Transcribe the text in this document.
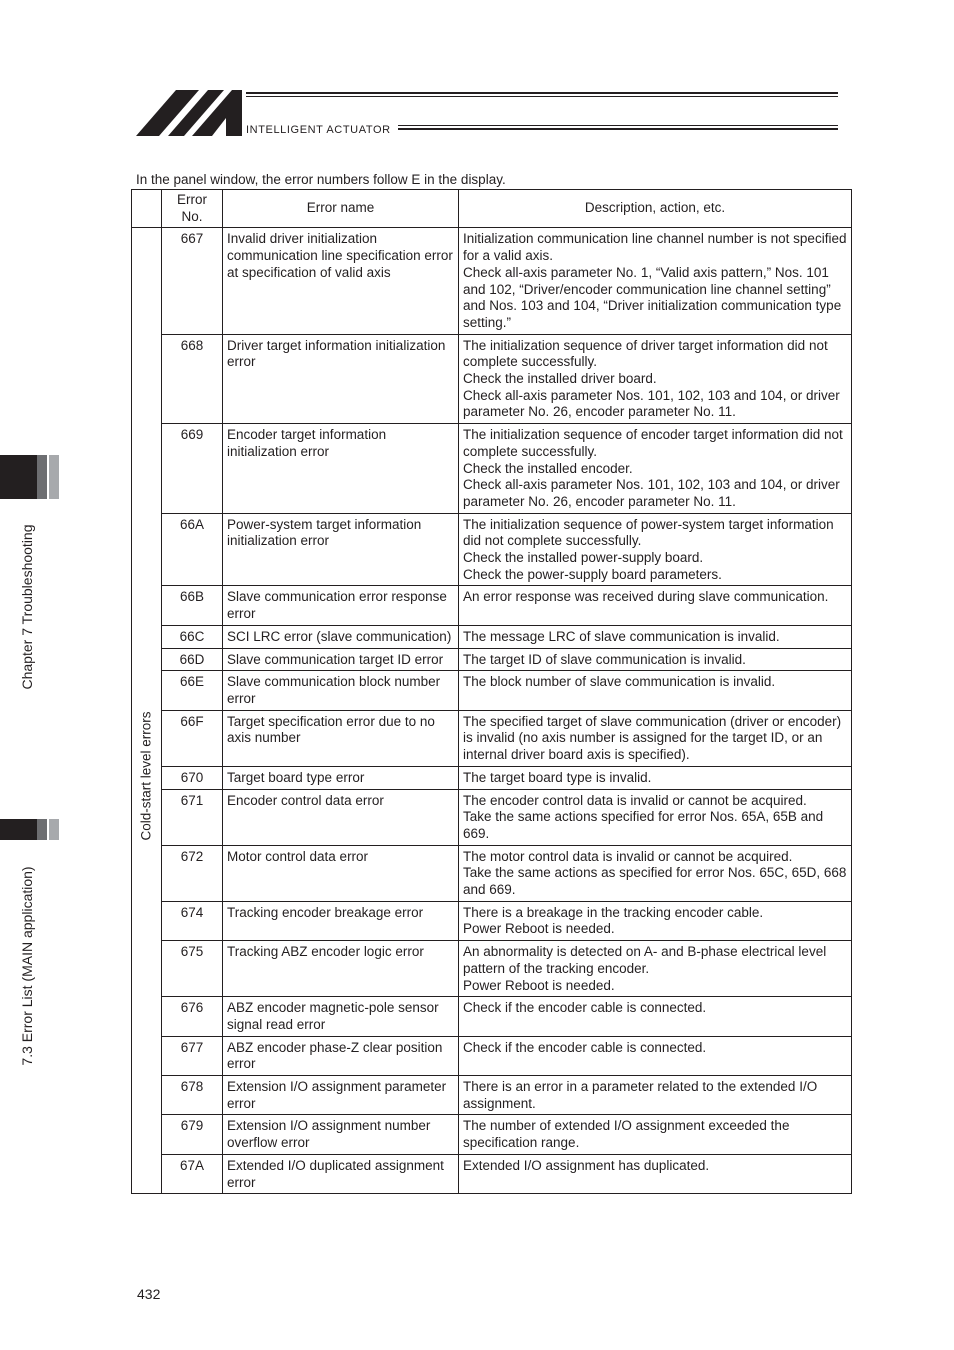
INTELLIGENT ACTUATOR
In the panel window, the error numbers follow E in the display.
	Error
No.	Error name	Description, action, etc.

Cold-start level errors	667	Invalid driver initialization communication line specification error at specification of valid axis	Initialization communication line channel number is not specified for a valid axis.
Check all-axis parameter No. 1, “Valid axis pattern,” Nos. 101 and 102, “Driver/encoder communication line channel setting” and Nos. 103 and 104, “Driver initialization communication type setting.”
	668	Driver target information initialization error	The initialization sequence of driver target information did not complete successfully.
Check the installed driver board.
Check all-axis parameter Nos. 101, 102, 103 and 104, or driver parameter No. 26, encoder parameter No. 11.
	669	Encoder target information initialization error	The initialization sequence of encoder target information did not complete successfully.
Check the installed encoder.
Check all-axis parameter Nos. 101, 102, 103 and 104, or driver parameter No. 26, encoder parameter No. 11.
	66A	Power-system target information initialization error	The initialization sequence of power-system target information did not complete successfully.
Check the installed power-supply board.
Check the power-supply board parameters.
	66B	Slave communication error response error	An error response was received during slave communication.
	66C	SCI LRC error (slave communication)	The message LRC of slave communication is invalid.
	66D	Slave communication target ID error	The target ID of slave communication is invalid.
	66E	Slave communication block number error	The block number of slave communication is invalid.
	66F	Target specification error due to no axis number	The specified target of slave communication (driver or encoder) is invalid (no axis number is assigned for the target ID, or an internal driver board axis is specified).
	670	Target board type error	The target board type is invalid.
	671	Encoder control data error	The encoder control data is invalid or cannot be acquired.
Take the same actions specified for error Nos. 65A, 65B and 669.
	672	Motor control data error	The motor control data is invalid or cannot be acquired.
Take the same actions as specified for error Nos. 65C, 65D, 668 and 669.
	674	Tracking encoder breakage error	There is a breakage in the tracking encoder cable.
Power Reboot is needed.
	675	Tracking ABZ encoder logic error	An abnormality is detected on A- and B-phase electrical level pattern of the tracking encoder.
Power Reboot is needed.
	676	ABZ encoder magnetic-pole sensor signal read error	Check if the encoder cable is connected.
	677	ABZ encoder phase-Z clear position error	Check if the encoder cable is connected.
	678	Extension I/O assignment parameter error	There is an error in a parameter related to the extended I/O assignment.
	679	Extension I/O assignment number overflow error	The number of extended I/O assignment exceeded the specification range.
	67A	Extended I/O duplicated assignment error	Extended I/O assignment has duplicated.
Chapter 7 Troubleshooting
7.3 Error List (MAIN application)
432
